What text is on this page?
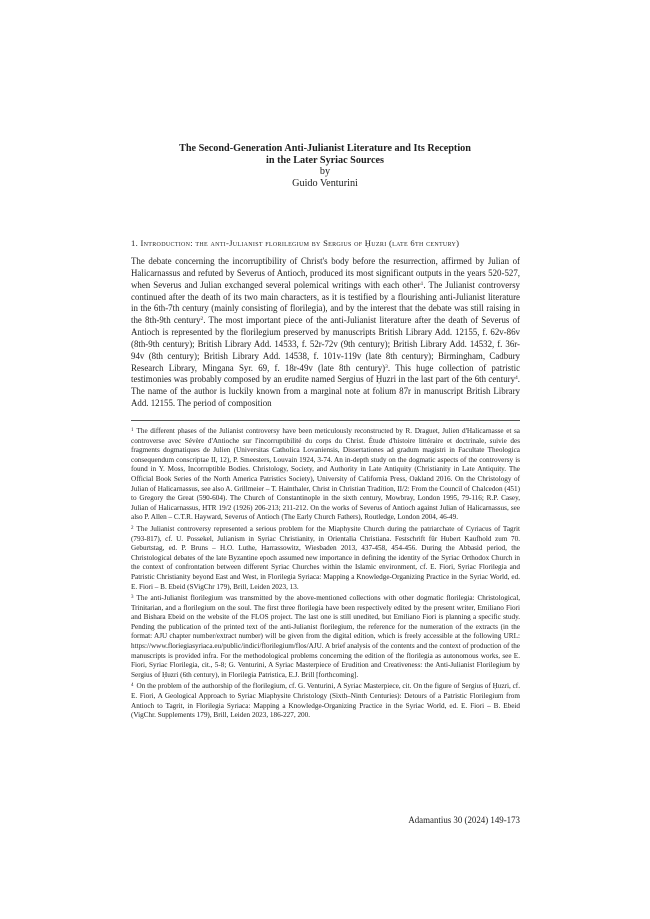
The Second-Generation Anti-Julianist Literature and Its Reception
in the Later Syriac Sources
by
Guido Venturini
1. Introduction: the anti-Julianist florilegium by Sergius of Ḥuzri (late 6th century)
The debate concerning the incorruptibility of Christ's body before the resurrection, affirmed by Julian of Halicarnassus and refuted by Severus of Antioch, produced its most significant outputs in the years 520-527, when Severus and Julian exchanged several polemical writings with each other$^1$. The Julianist controversy continued after the death of its two main characters, as it is testified by a flourishing anti-Julianist literature in the 6th-7th century (mainly consisting of florilegia), and by the interest that the debate was still raising in the 8th-9th century$^2$. The most important piece of the anti-Julianist literature after the death of Severus of Antioch is represented by the florilegium preserved by manuscripts British Library Add. 12155, f. 62v-86v (8th-9th century); British Library Add. 14533, f. 52r-72v (9th century); British Library Add. 14532, f. 36r-94v (8th century); British Library Add. 14538, f. 101v-119v (late 8th century); Birmingham, Cadbury Research Library, Mingana Syr. 69, f. 18r-49v (late 8th century)$^3$. This huge collection of patristic testimonies was probably composed by an erudite named Sergius of Ḥuzri in the last part of the 6th century$^4$. The name of the author is luckily known from a marginal note at folium 87r in manuscript British Library Add. 12155. The period of composition

$^1$ The different phases of the Julianist controversy have been meticulously reconstructed by R. Draguet, Julien d'Halicarnasse et sa controverse avec Sévère d'Antioche sur l'incorruptibilité du corps du Christ. Étude d'histoire littéraire et doctrinale, suivie des fragments dogmatiques de Julien (Universitas Catholica Lovaniensis, Dissertationes ad gradum magistri in Facultate Theologica consequendum conscriptae II, 12), P. Smeesters, Louvain 1924, 3-74. An in-depth study on the dogmatic aspects of the controversy is found in Y. Moss, Incorruptible Bodies. Christology, Society, and Authority in Late Antiquity (Christianity in Late Antiquity. The Official Book Series of the North America Patristics Society), University of California Press, Oakland 2016. On the Christology of Julian of Halicarnassus, see also A. Grillmeier – T. Hainthaler, Christ in Christian Tradition, II/2: From the Council of Chalcedon (451) to Gregory the Great (590-604). The Church of Constantinople in the sixth century, Mowbray, London 1995, 79-116; R.P. Casey, Julian of Halicarnassus, HTR 19/2 (1926) 206-213; 211-212. On the works of Severus of Antioch against Julian of Halicarnassus, see also P. Allen – C.T.R. Hayward, Severus of Antioch (The Early Church Fathers), Routledge, London 2004, 46-49.

$^2$ The Julianist controversy represented a serious problem for the Miaphysite Church during the patriarchate of Cyriacus of Tagrit (793-817), cf. U. Possekel, Julianism in Syriac Christianity, in Orientalia Christiana. Festschrift für Hubert Kaufhold zum 70. Geburtstag, ed. P. Bruns – H.O. Luthe, Harrassowitz, Wiesbaden 2013, 437-458, 454-456. During the Abbasid period, the Christological debates of the late Byzantine epoch assumed new importance in defining the identity of the Syriac Orthodox Church in the context of confrontation between different Syriac Churches within the Islamic environment, cf. E. Fiori, Syriac Florilegia and Patristic Christianity beyond East and West, in Florilegia Syriaca: Mapping a Knowledge-Organizing Practice in the Syriac World, ed. E. Fiori – B. Ebeid (SVigChr 179), Brill, Leiden 2023, 13.

$^3$ The anti-Julianist florilegium was transmitted by the above-mentioned collections with other dogmatic florilegia: Christological, Trinitarian, and a florilegium on the soul. The first three florilegia have been respectively edited by the present writer, Emiliano Fiori and Bishara Ebeid on the website of the FLOS project. The last one is still unedited, but Emiliano Fiori is planning a specific study. Pending the publication of the printed text of the anti-Julianist florilegium, the reference for the numeration of the extracts (in the format: AJU chapter number/extract number) will be given from the digital edition, which is freely accessible at the following URL: https://www.floriegiasyriaca.eu/public/indici/florilegium/flos/AJU. A brief analysis of the contents and the context of production of the manuscripts is provided infra. For the methodological problems concerning the edition of the florilegia as autonomous works, see E. Fiori, Syriac Florilegia, cit., 5-8; G. Venturini, A Syriac Masterpiece of Erudition and Creativeness: the Anti-Julianist Florilegium by Sergius of Ḥuzri (6th century), in Florilegia Patristica, E.J. Brill [forthcoming].

$^4$ On the problem of the authorship of the florilegium, cf. G. Venturini, A Syriac Masterpiece, cit. On the figure of Sergius of Ḥuzri, cf. E. Fiori, A Geological Approach to Syriac Miaphysite Christology (Sixth–Ninth Centuries): Detours of a Patristic Florilegium from Antioch to Tagrit, in Florilegia Syriaca: Mapping a Knowledge-Organizing Practice in the Syriac World, ed. E. Fiori – B. Ebeid (VigChr. Supplements 179), Brill, Leiden 2023, 186-227, 200.

Adamantius 30 (2024) 149-173
